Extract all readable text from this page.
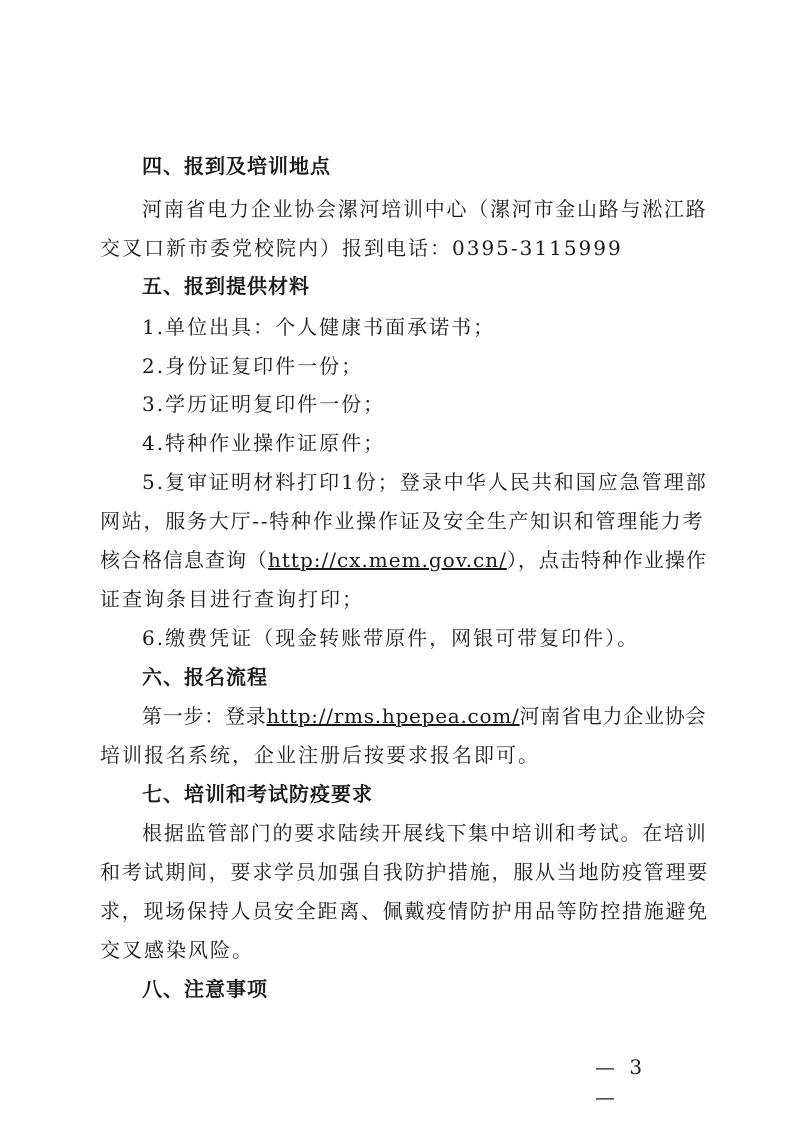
四、报到及培训地点
河南省电力企业协会漯河培训中心（漯河市金山路与淞江路
交叉口新市委党校院内）报到电话：0395-3115999
五、报到提供材料
1.单位出具：个人健康书面承诺书；
2.身份证复印件一份；
3.学历证明复印件一份；
4.特种作业操作证原件；
5.复审证明材料打印1份；登录中华人民共和国应急管理部
网站，服务大厅--特种作业操作证及安全生产知识和管理能力考
核合格信息查询（http://cx.mem.gov.cn/），点击特种作业操作
证查询条目进行查询打印；
6.缴费凭证（现金转账带原件，网银可带复印件）。
六、报名流程
第一步：登录http://rms.hpepea.com/河南省电力企业协会
培训报名系统，企业注册后按要求报名即可。
七、培训和考试防疫要求
根据监管部门的要求陆续开展线下集中培训和考试。在培训
和考试期间，要求学员加强自我防护措施，服从当地防疫管理要
求，现场保持人员安全距离、佩戴疫情防护用品等防控措施避免
交叉感染风险。
八、注意事项
— 3 —
